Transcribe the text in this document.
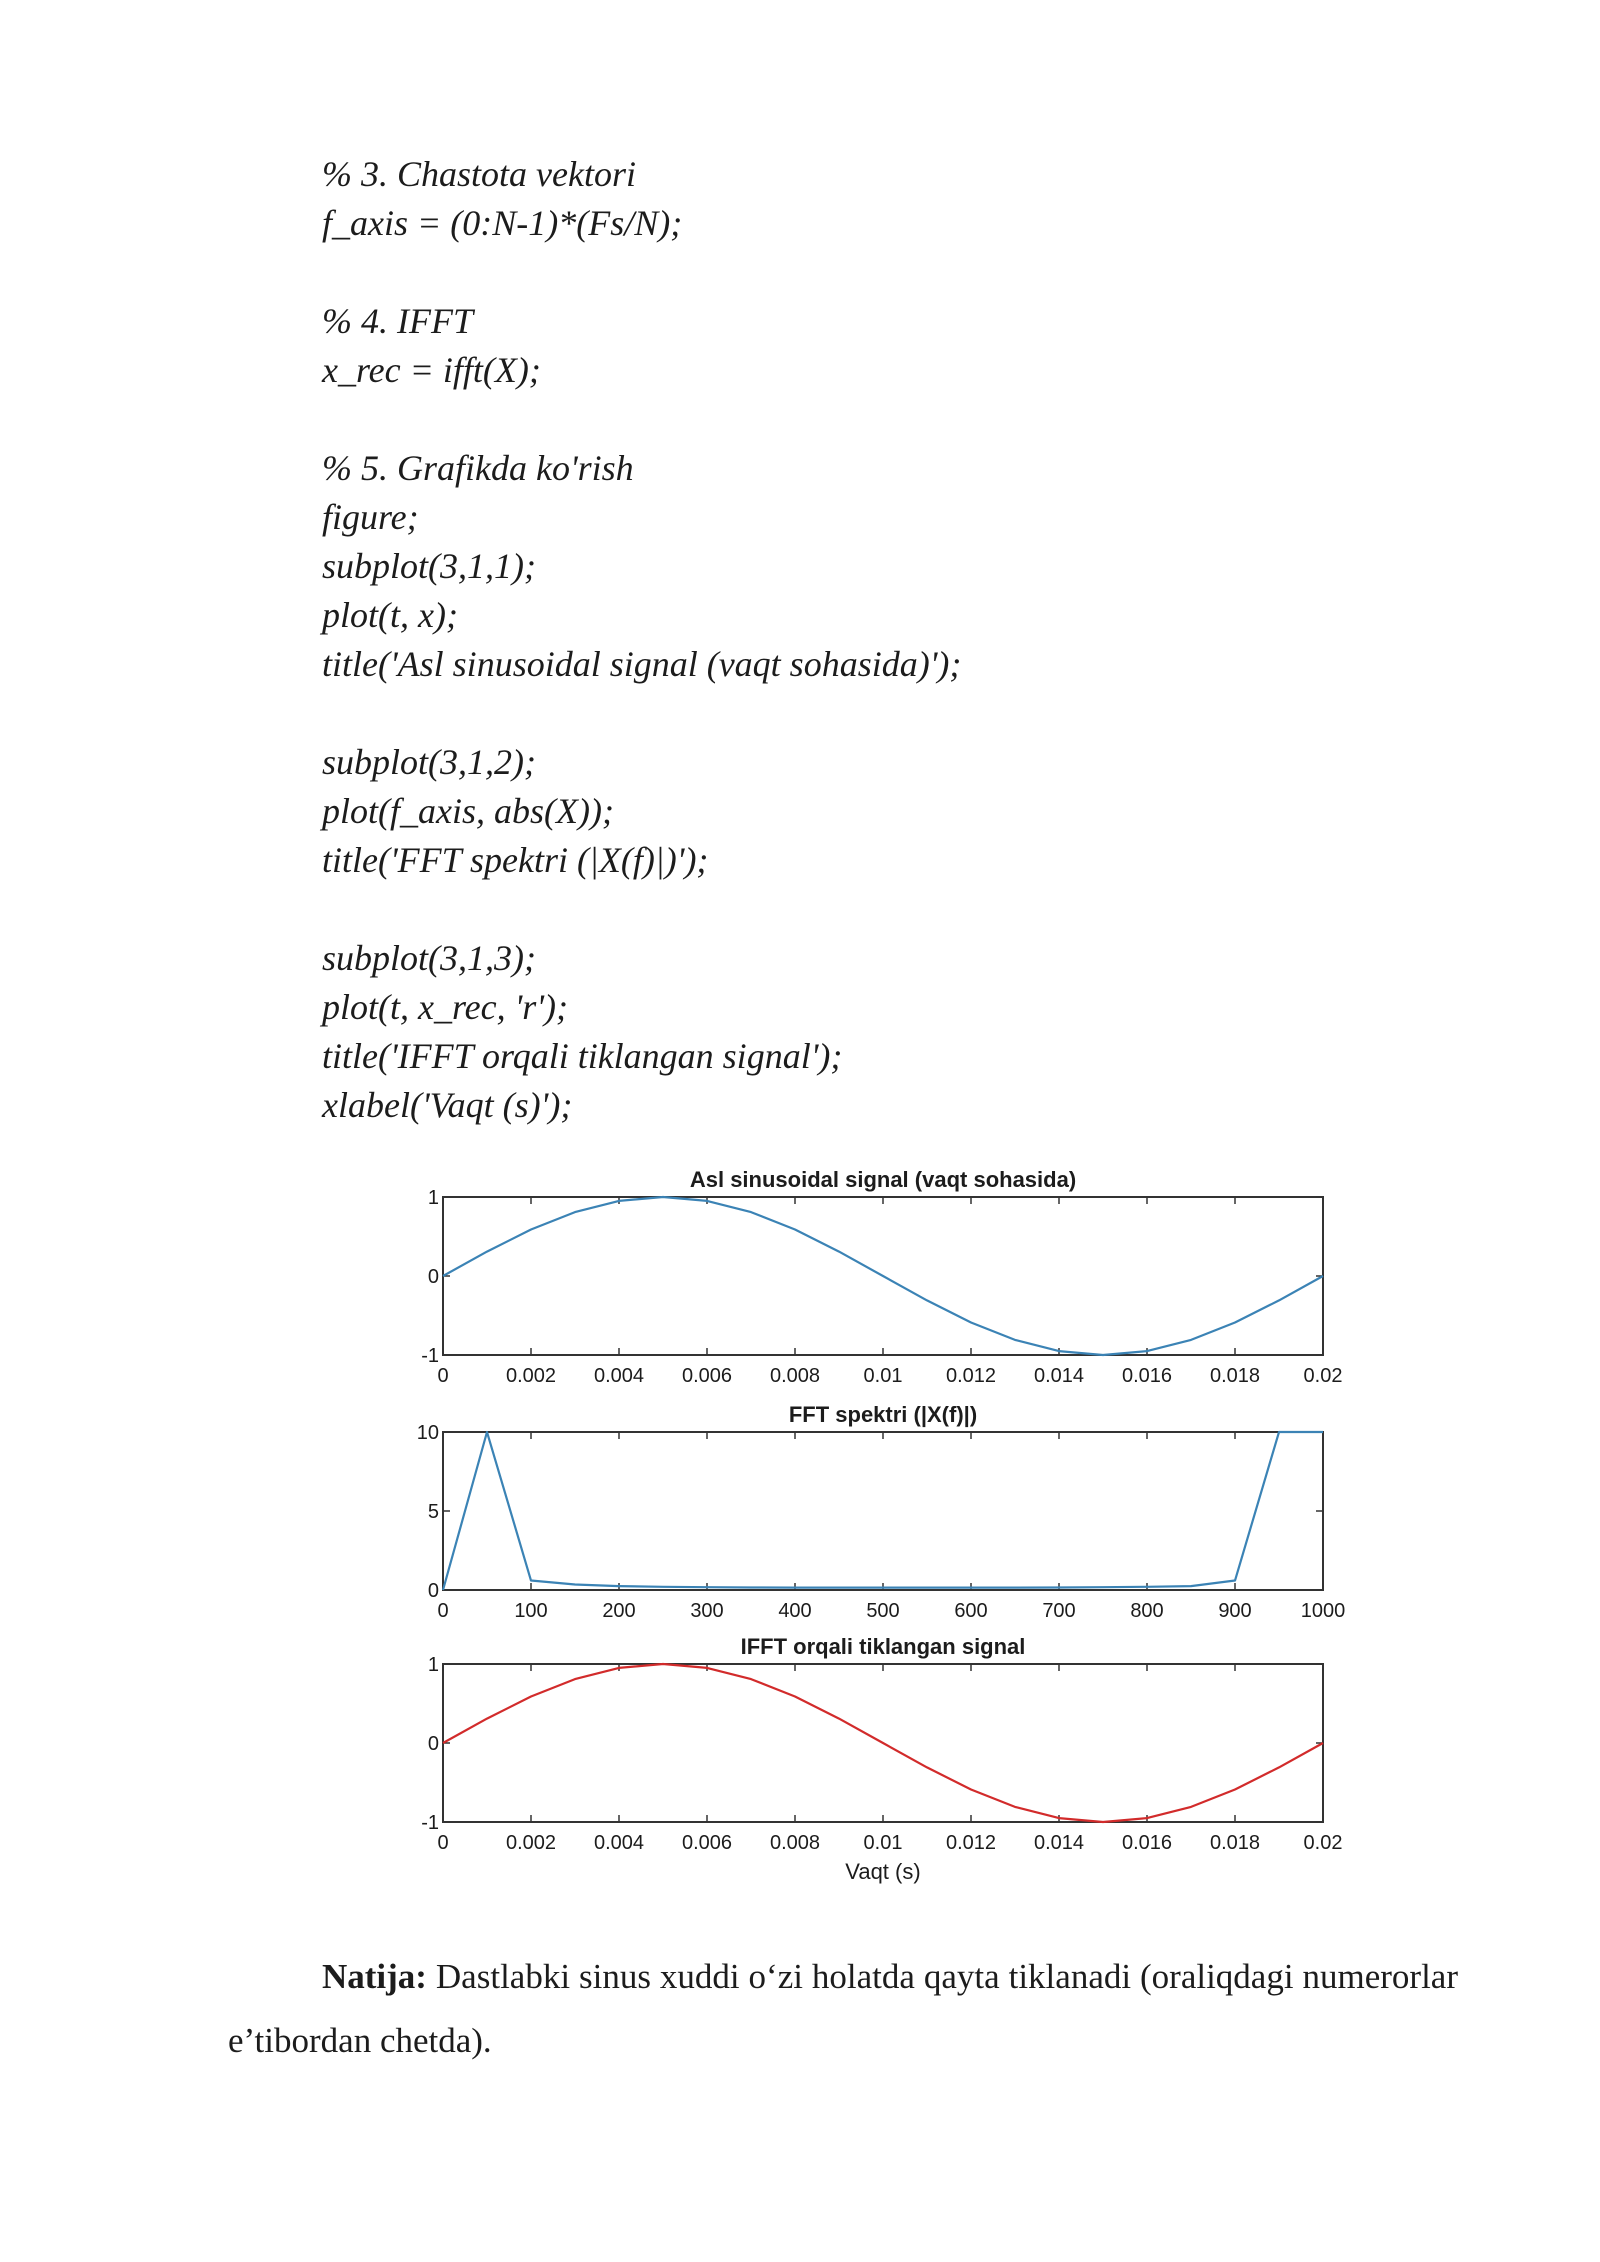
% 3. Chastota vektori
f_axis = (0:N-1)*(Fs/N);
% 4. IFFT
x_rec = ifft(X);
% 5. Grafikda ko'rish
figure;
subplot(3,1,1);
plot(t, x);
title('Asl sinusoidal signal (vaqt sohasida)');
subplot(3,1,2);
plot(f_axis, abs(X));
title('FFT spektri (|X(f)|)');
subplot(3,1,3);
plot(t, x_rec, 'r');
title('IFFT orqali tiklangan signal');
xlabel('Vaqt (s)');
Asl sinusoidal signal (vaqt sohasida)
0	0.002 0.004 0.006 0.008 0.01 0.012 0.014 0.016 0.018 0.02
-1
0
1
FFT spektri (|X(f)|)
0	100	200	300	400	500	600	700	800	900 1000
0
5
10
IFFT orqali tiklangan signal
0	0.002 0.004 0.006 0.008 0.01 0.012 0.014 0.016 0.018 0.02
-1
0
1
Vaqt (s)

Natija: Dastlabki sinus xuddi o‘zi holatda qayta tiklanadi (oraliqdagi numerorlar e’tibordan chetda).
